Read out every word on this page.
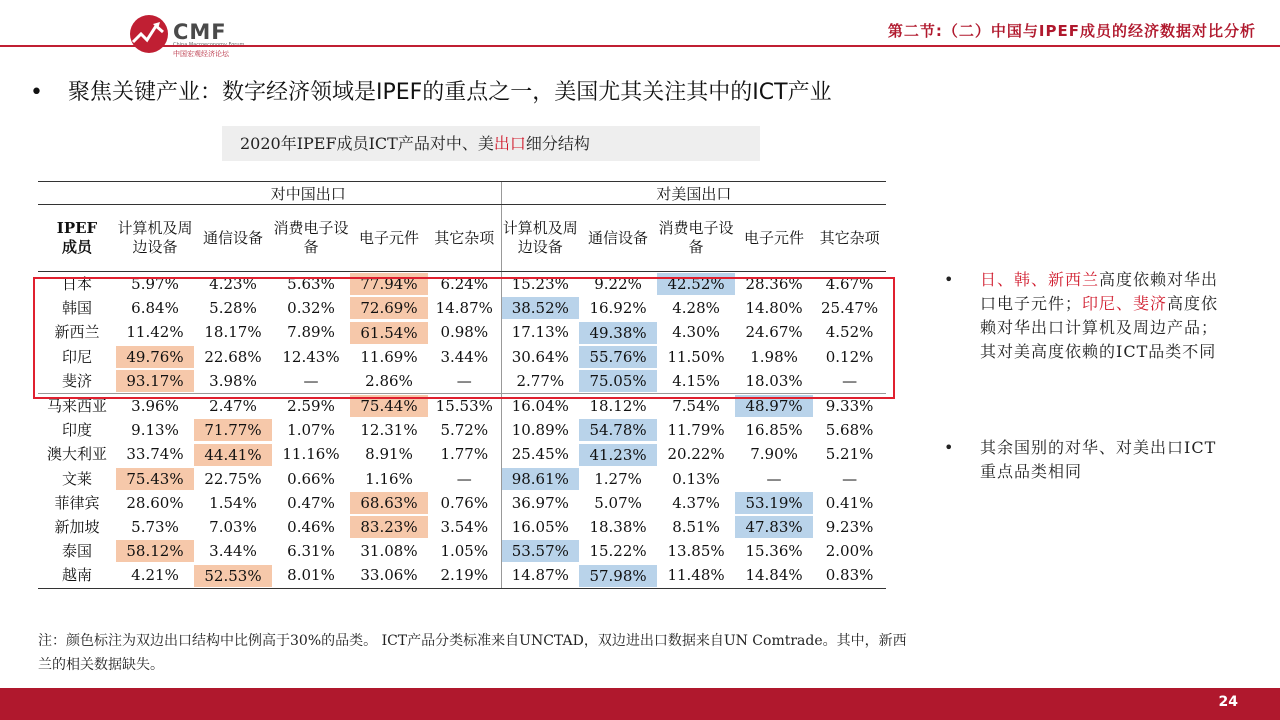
CMF
中国宏观经济论坛
第二节:（二）中国与IPEF成员的经济数据对比分析
• 聚焦关键产业：数字经济领域是IPEF的重点之一，美国尤其关注其中的ICT产业
2020年IPEF成员ICT产品对中、美出口细分结构
	对中国出口					对美国出口				
IPEF成员	计算机及周边设备	通信设备	消费电子设备	电子元件	其它杂项	计算机及周边设备	通信设备	消费电子设备	电子元件	其它杂项
日本	5.97%	4.23%	5.63%	77.94%	6.24%	15.23%	9.22%	42.52%	28.36%	4.67%

韩国	6.84%	5.28%	0.32%	72.69%	14.87%	38.52%	16.92%	4.28%	14.80%	25.47%

新西兰	11.42%	18.17%	7.89%	61.54%	0.98%	17.13%	49.38%	4.30%	24.67%	4.52%

印尼	49.76%	22.68%	12.43%	11.69%	3.44%	30.64%	55.76%	11.50%	1.98%	0.12%

斐济	93.17%	3.98%	—	2.86%	—	2.77%	75.05%	4.15%	18.03%	—

马来西亚	3.96%	2.47%	2.59%	75.44%	15.53%	16.04%	18.12%	7.54%	48.97%	9.33%

印度	9.13%	71.77%	1.07%	12.31%	5.72%	10.89%	54.78%	11.79%	16.85%	5.68%

澳大利亚	33.74%	44.41%	11.16%	8.91%	1.77%	25.45%	41.23%	20.22%	7.90%	5.21%

文莱	75.43%	22.75%	0.66%	1.16%	—	98.61%	1.27%	0.13%	—	—

菲律宾	28.60%	1.54%	0.47%	68.63%	0.76%	36.97%	5.07%	4.37%	53.19%	0.41%

新加坡	5.73%	7.03%	0.46%	83.23%	3.54%	16.05%	18.38%	8.51%	47.83%	9.23%

泰国	58.12%	3.44%	6.31%	31.08%	1.05%	53.57%	15.22%	13.85%	15.36%	2.00%

越南	4.21%	52.53%	8.01%	33.06%	2.19%	14.87%	57.98%	11.48%	14.84%	0.83%
• 日、韩、新西兰高度依赖对华出口电子元件；印尼、斐济高度依赖对华出口计算机及周边产品；其对美高度依赖的ICT品类不同
• 其余国别的对华、对美出口ICT重点品类相同
注：颜色标注为双边出口结构中比例高于30%的品类。 ICT产品分类标准来自UNCTAD，双边进出口数据来自UN Comtrade。其中，新西兰的相关数据缺失。
24
